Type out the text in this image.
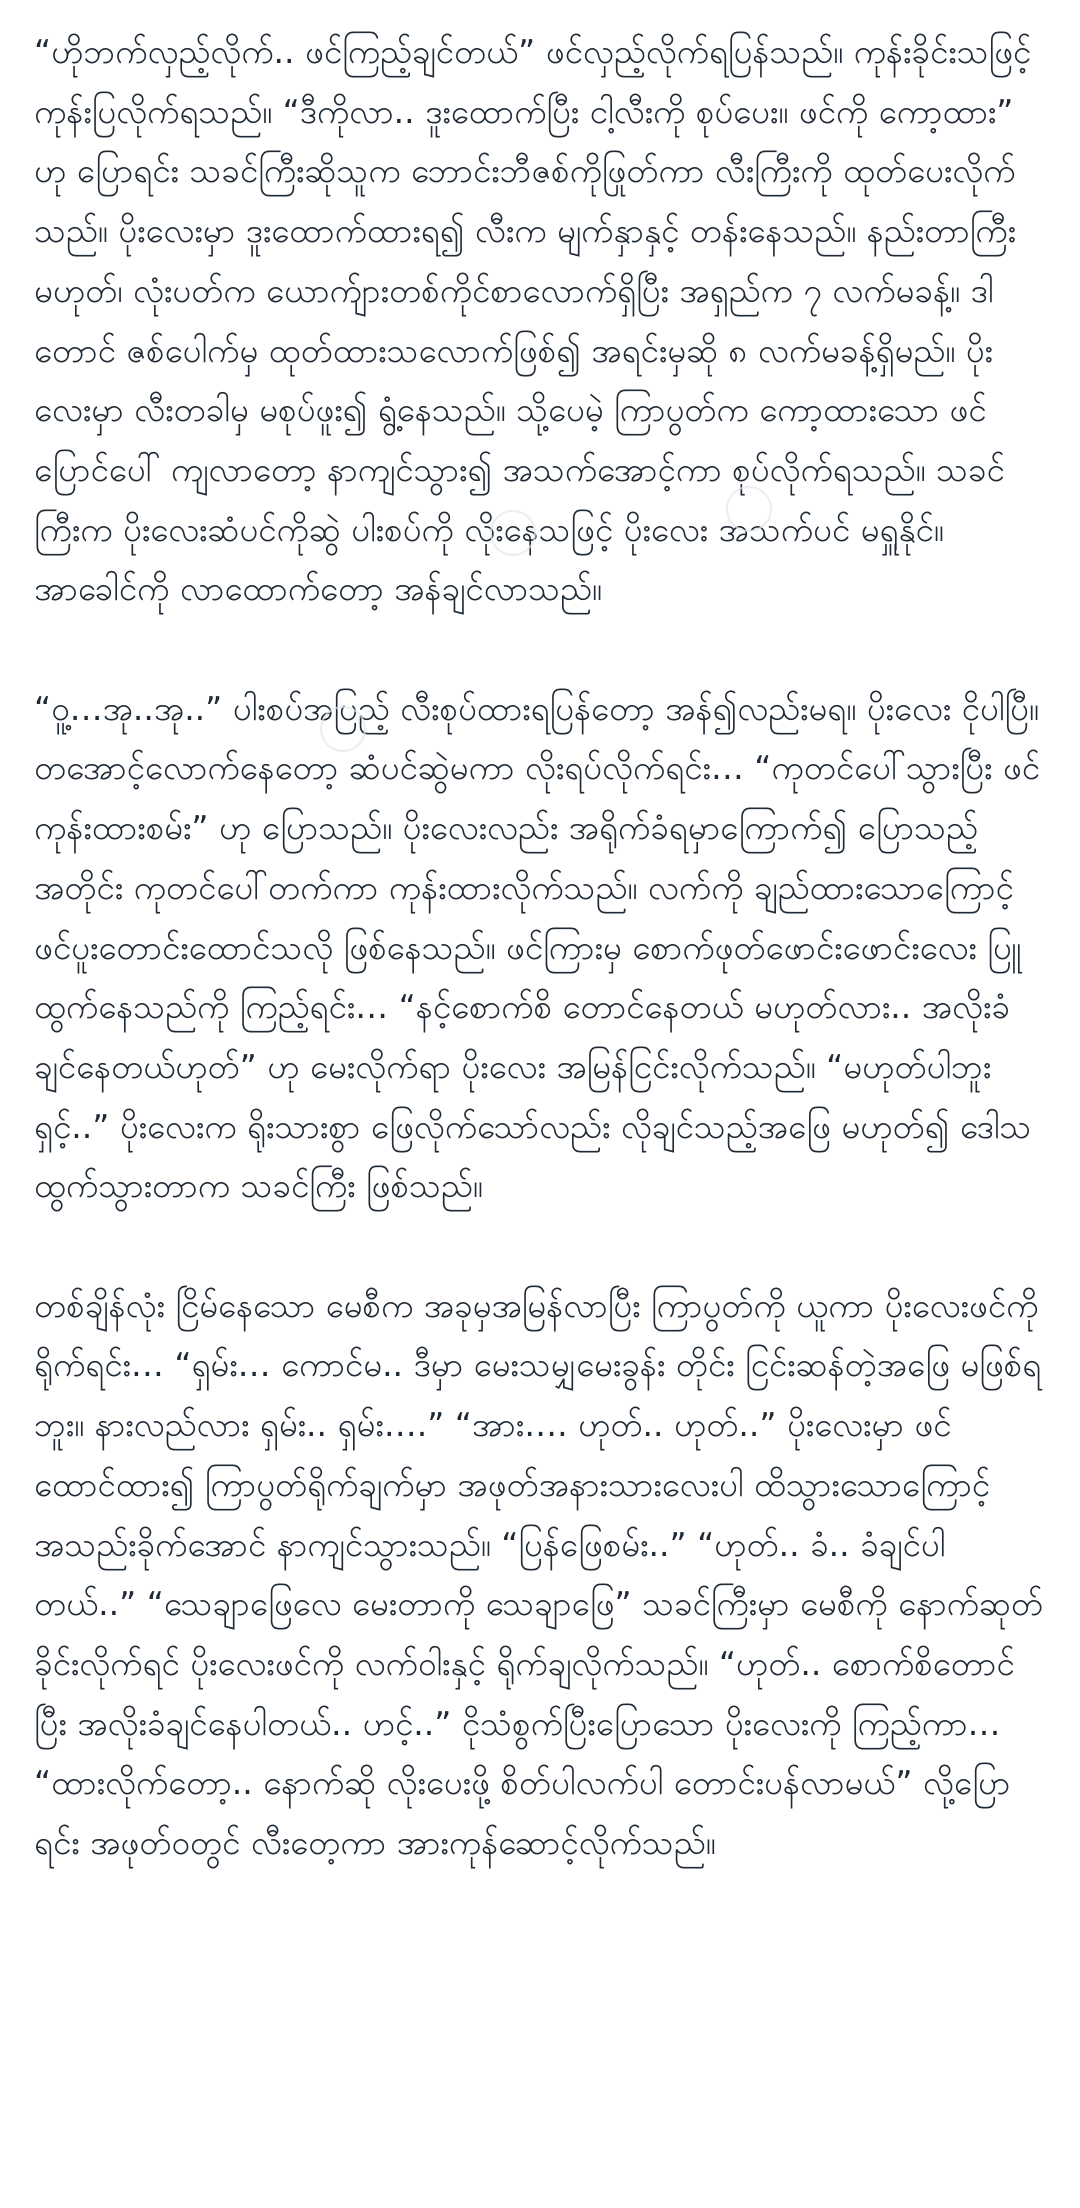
“ဟိုဘက်လှည့်လိုက်.. ဖင်ကြည့်ချင်တယ်” ဖင်လှည့်လိုက်ရပြန်သည်။ ကုန်းခိုင်းသဖြင့် ကုန်းပြလိုက်ရသည်။ “ဒီကိုလာ.. ဒူးထောက်ပြီး ငါ့လီးကို စုပ်ပေး။ ဖင်ကို ကော့ထား” ဟု ပြောရင်း သခင်ကြီးဆိုသူက ဘောင်းဘီဇစ်ကိုဖြုတ်ကာ လီးကြီးကို ထုတ်ပေးလိုက်သည်။ ပိုးလေးမှာ ဒူးထောက်ထားရ၍ လီးက မျက်နှာနှင့် တန်းနေသည်။ နည်းတာကြီး မဟုတ်၊ လုံးပတ်က ယောက်ျားတစ်ကိုင်စာလောက်ရှိပြီး အရှည်က ၇ လက်မခန့်။ ဒါတောင် ဇစ်ပေါက်မှ ထုတ်ထားသလောက်ဖြစ်၍ အရင်းမှဆို ၈ လက်မခန့်ရှိမည်။ ပိုးလေးမှာ လီးတခါမှ မစုပ်ဖူး၍ ရွံ့နေသည်။ သို့ပေမဲ့ ကြာပွတ်က ကော့ထားသော ဖင်ပြောင်ပေါ် ကျလာတော့ နာကျင်သွား၍ အသက်အောင့်ကာ စုပ်လိုက်ရသည်။ သခင်ကြီးက ပိုးလေးဆံပင်ကိုဆွဲ ပါးစပ်ကို လိုးနေသဖြင့် ပိုးလေး အသက်ပင် မရှူနိုင်။ အာခေါင်ကို လာထောက်တော့ အန်ချင်လာသည်။

“ဝူ့…အု..အု..” ပါးစပ်အပြည့် လီးစုပ်ထားရပြန်တော့ အန်၍လည်းမရ။ ပိုးလေး ငိုပါပြီ။ တအောင့်လောက်နေတော့ ဆံပင်ဆွဲမကာ လိုးရပ်လိုက်ရင်း… “ကုတင်ပေါ်သွားပြီး ဖင်ကုန်းထားစမ်း” ဟု ပြောသည်။ ပိုးလေးလည်း အရိုက်ခံရမှာကြောက်၍ ပြောသည့်အတိုင်း ကုတင်ပေါ်တက်ကာ ကုန်းထားလိုက်သည်။ လက်ကို ချည်ထားသောကြောင့် ဖင်ပူးတောင်းထောင်သလို ဖြစ်နေသည်။ ဖင်ကြားမှ စောက်ဖုတ်ဖောင်းဖောင်းလေး ပြူထွက်နေသည်ကို ကြည့်ရင်း… “နင့်စောက်စိ တောင်နေတယ် မဟုတ်လား.. အလိုးခံချင်နေတယ်ဟုတ်” ဟု မေးလိုက်ရာ ပိုးလေး အမြန်ငြင်းလိုက်သည်။ “မဟုတ်ပါဘူးရှင့်..” ပိုးလေးက ရိုးသားစွာ ဖြေလိုက်သော်လည်း လိုချင်သည့်အဖြေ မဟုတ်၍ ဒေါသထွက်သွားတာက သခင်ကြီး ဖြစ်သည်။

တစ်ချိန်လုံး ငြိမ်နေသော မေစီက အခုမှအမြန်လာပြီး ကြာပွတ်ကို ယူကာ ပိုးလေးဖင်ကို ရိုက်ရင်း… “ရှမ်း… ကောင်မ.. ဒီမှာ မေးသမျှမေးခွန်း တိုင်း ငြင်းဆန်တဲ့အဖြေ မဖြစ်ရဘူး။ နားလည်လား ရှမ်း.. ရှမ်း….” “အား…. ဟုတ်.. ဟုတ်..” ပိုးလေးမှာ ဖင်ထောင်ထား၍ ကြာပွတ်ရိုက်ချက်မှာ အဖုတ်အနားသားလေးပါ ထိသွားသောကြောင့် အသည်းခိုက်အောင် နာကျင်သွားသည်။ “ပြန်ဖြေစမ်း..” “ဟုတ်.. ခံ.. ခံချင်ပါတယ်..” “သေချာဖြေလေ မေးတာကို သေချာဖြေ” သခင်ကြီးမှာ မေစီကို နောက်ဆုတ်ခိုင်းလိုက်ရင် ပိုးလေးဖင်ကို လက်ဝါးနှင့် ရိုက်ချလိုက်သည်။ “ဟုတ်.. စောက်စိတောင်ပြီး အလိုးခံချင်နေပါတယ်.. ဟင့်..” ငိုသံစွက်ပြီးပြောသော ပိုးလေးကို ကြည့်ကာ… “ထားလိုက်တော့.. နောက်ဆို လိုးပေးဖို့ စိတ်ပါလက်ပါ တောင်းပန်လာမယ်” လို့ပြောရင်း အဖုတ်ဝတွင် လီးတေ့ကာ အားကုန်ဆောင့်လိုက်သည်။
